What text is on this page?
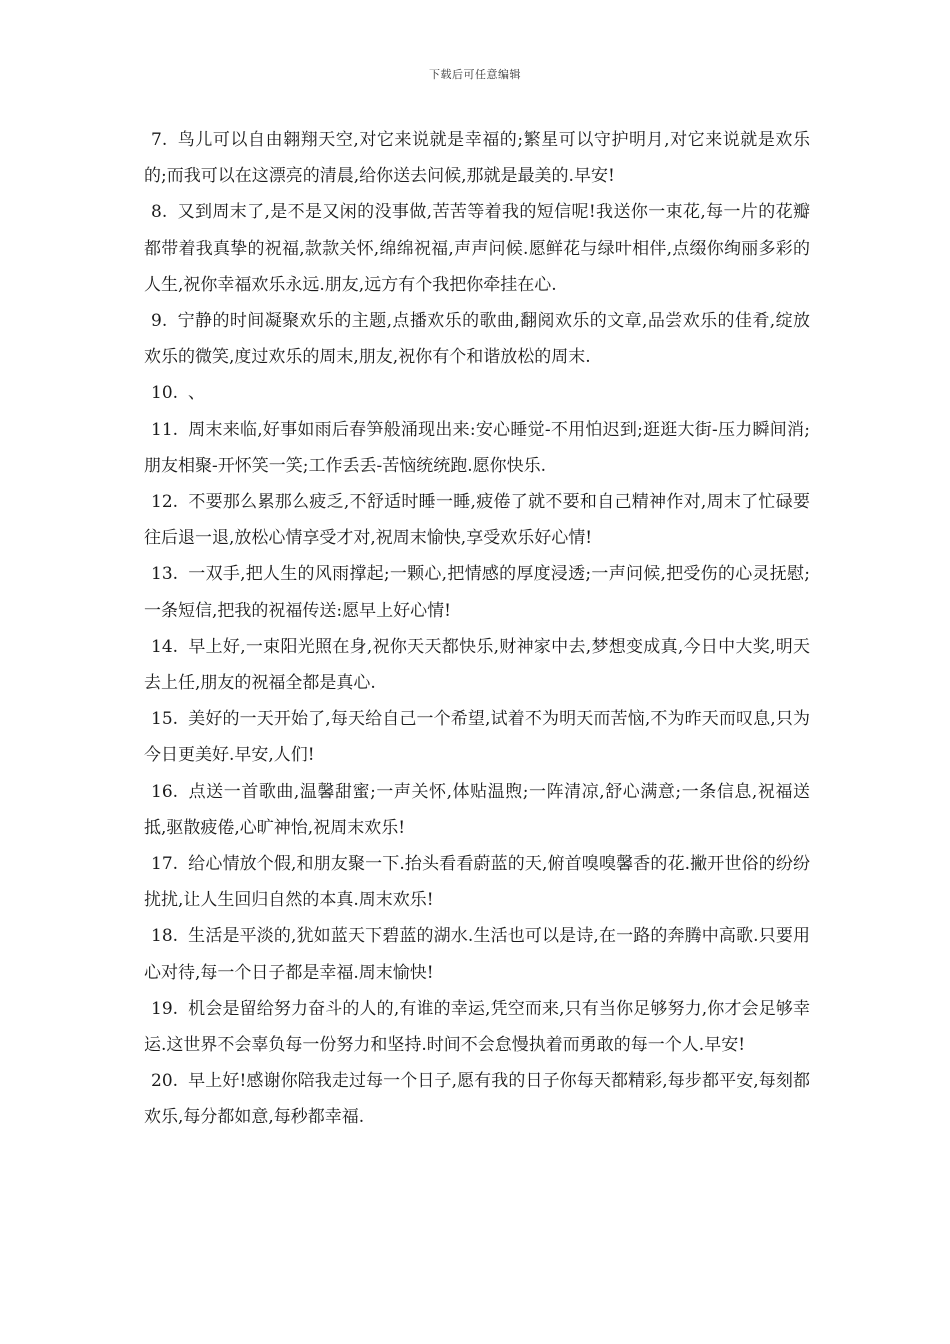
下载后可任意编辑

7. 鸟儿可以自由翱翔天空,对它来说就是幸福的;繁星可以守护明月,对它来说就是欢乐的;而我可以在这漂亮的清晨,给你送去问候,那就是最美的.早安!

8. 又到周末了,是不是又闲的没事做,苦苦等着我的短信呢!我送你一束花,每一片的花瓣都带着我真挚的祝福,款款关怀,绵绵祝福,声声问候.愿鲜花与绿叶相伴,点缀你绚丽多彩的人生,祝你幸福欢乐永远.朋友,远方有个我把你牵挂在心.

9. 宁静的时间凝聚欢乐的主题,点播欢乐的歌曲,翻阅欢乐的文章,品尝欢乐的佳肴,绽放欢乐的微笑,度过欢乐的周末,朋友,祝你有个和谐放松的周末.

10. 、

11. 周末来临,好事如雨后春笋般涌现出来:安心睡觉-不用怕迟到;逛逛大街-压力瞬间消;朋友相聚-开怀笑一笑;工作丢丢-苦恼统统跑.愿你快乐.

12. 不要那么累那么疲乏,不舒适时睡一睡,疲倦了就不要和自己精神作对,周末了忙碌要往后退一退,放松心情享受才对,祝周末愉快,享受欢乐好心情!

13. 一双手,把人生的风雨撑起;一颗心,把情感的厚度浸透;一声问候,把受伤的心灵抚慰;一条短信,把我的祝福传送:愿早上好心情!

14. 早上好,一束阳光照在身,祝你天天都快乐,财神家中去,梦想变成真,今日中大奖,明天去上任,朋友的祝福全都是真心.

15. 美好的一天开始了,每天给自己一个希望,试着不为明天而苦恼,不为昨天而叹息,只为今日更美好.早安,人们!

16. 点送一首歌曲,温馨甜蜜;一声关怀,体贴温煦;一阵清凉,舒心满意;一条信息,祝福送抵,驱散疲倦,心旷神怡,祝周末欢乐!

17. 给心情放个假,和朋友聚一下.抬头看看蔚蓝的天,俯首嗅嗅馨香的花.撇开世俗的纷纷扰扰,让人生回归自然的本真.周末欢乐!

18. 生活是平淡的,犹如蓝天下碧蓝的湖水.生活也可以是诗,在一路的奔腾中高歌.只要用心对待,每一个日子都是幸福.周末愉快!

19. 机会是留给努力奋斗的人的,有谁的幸运,凭空而来,只有当你足够努力,你才会足够幸运.这世界不会辜负每一份努力和坚持.时间不会怠慢执着而勇敢的每一个人.早安!

20. 早上好!感谢你陪我走过每一个日子,愿有我的日子你每天都精彩,每步都平安,每刻都欢乐,每分都如意,每秒都幸福.
